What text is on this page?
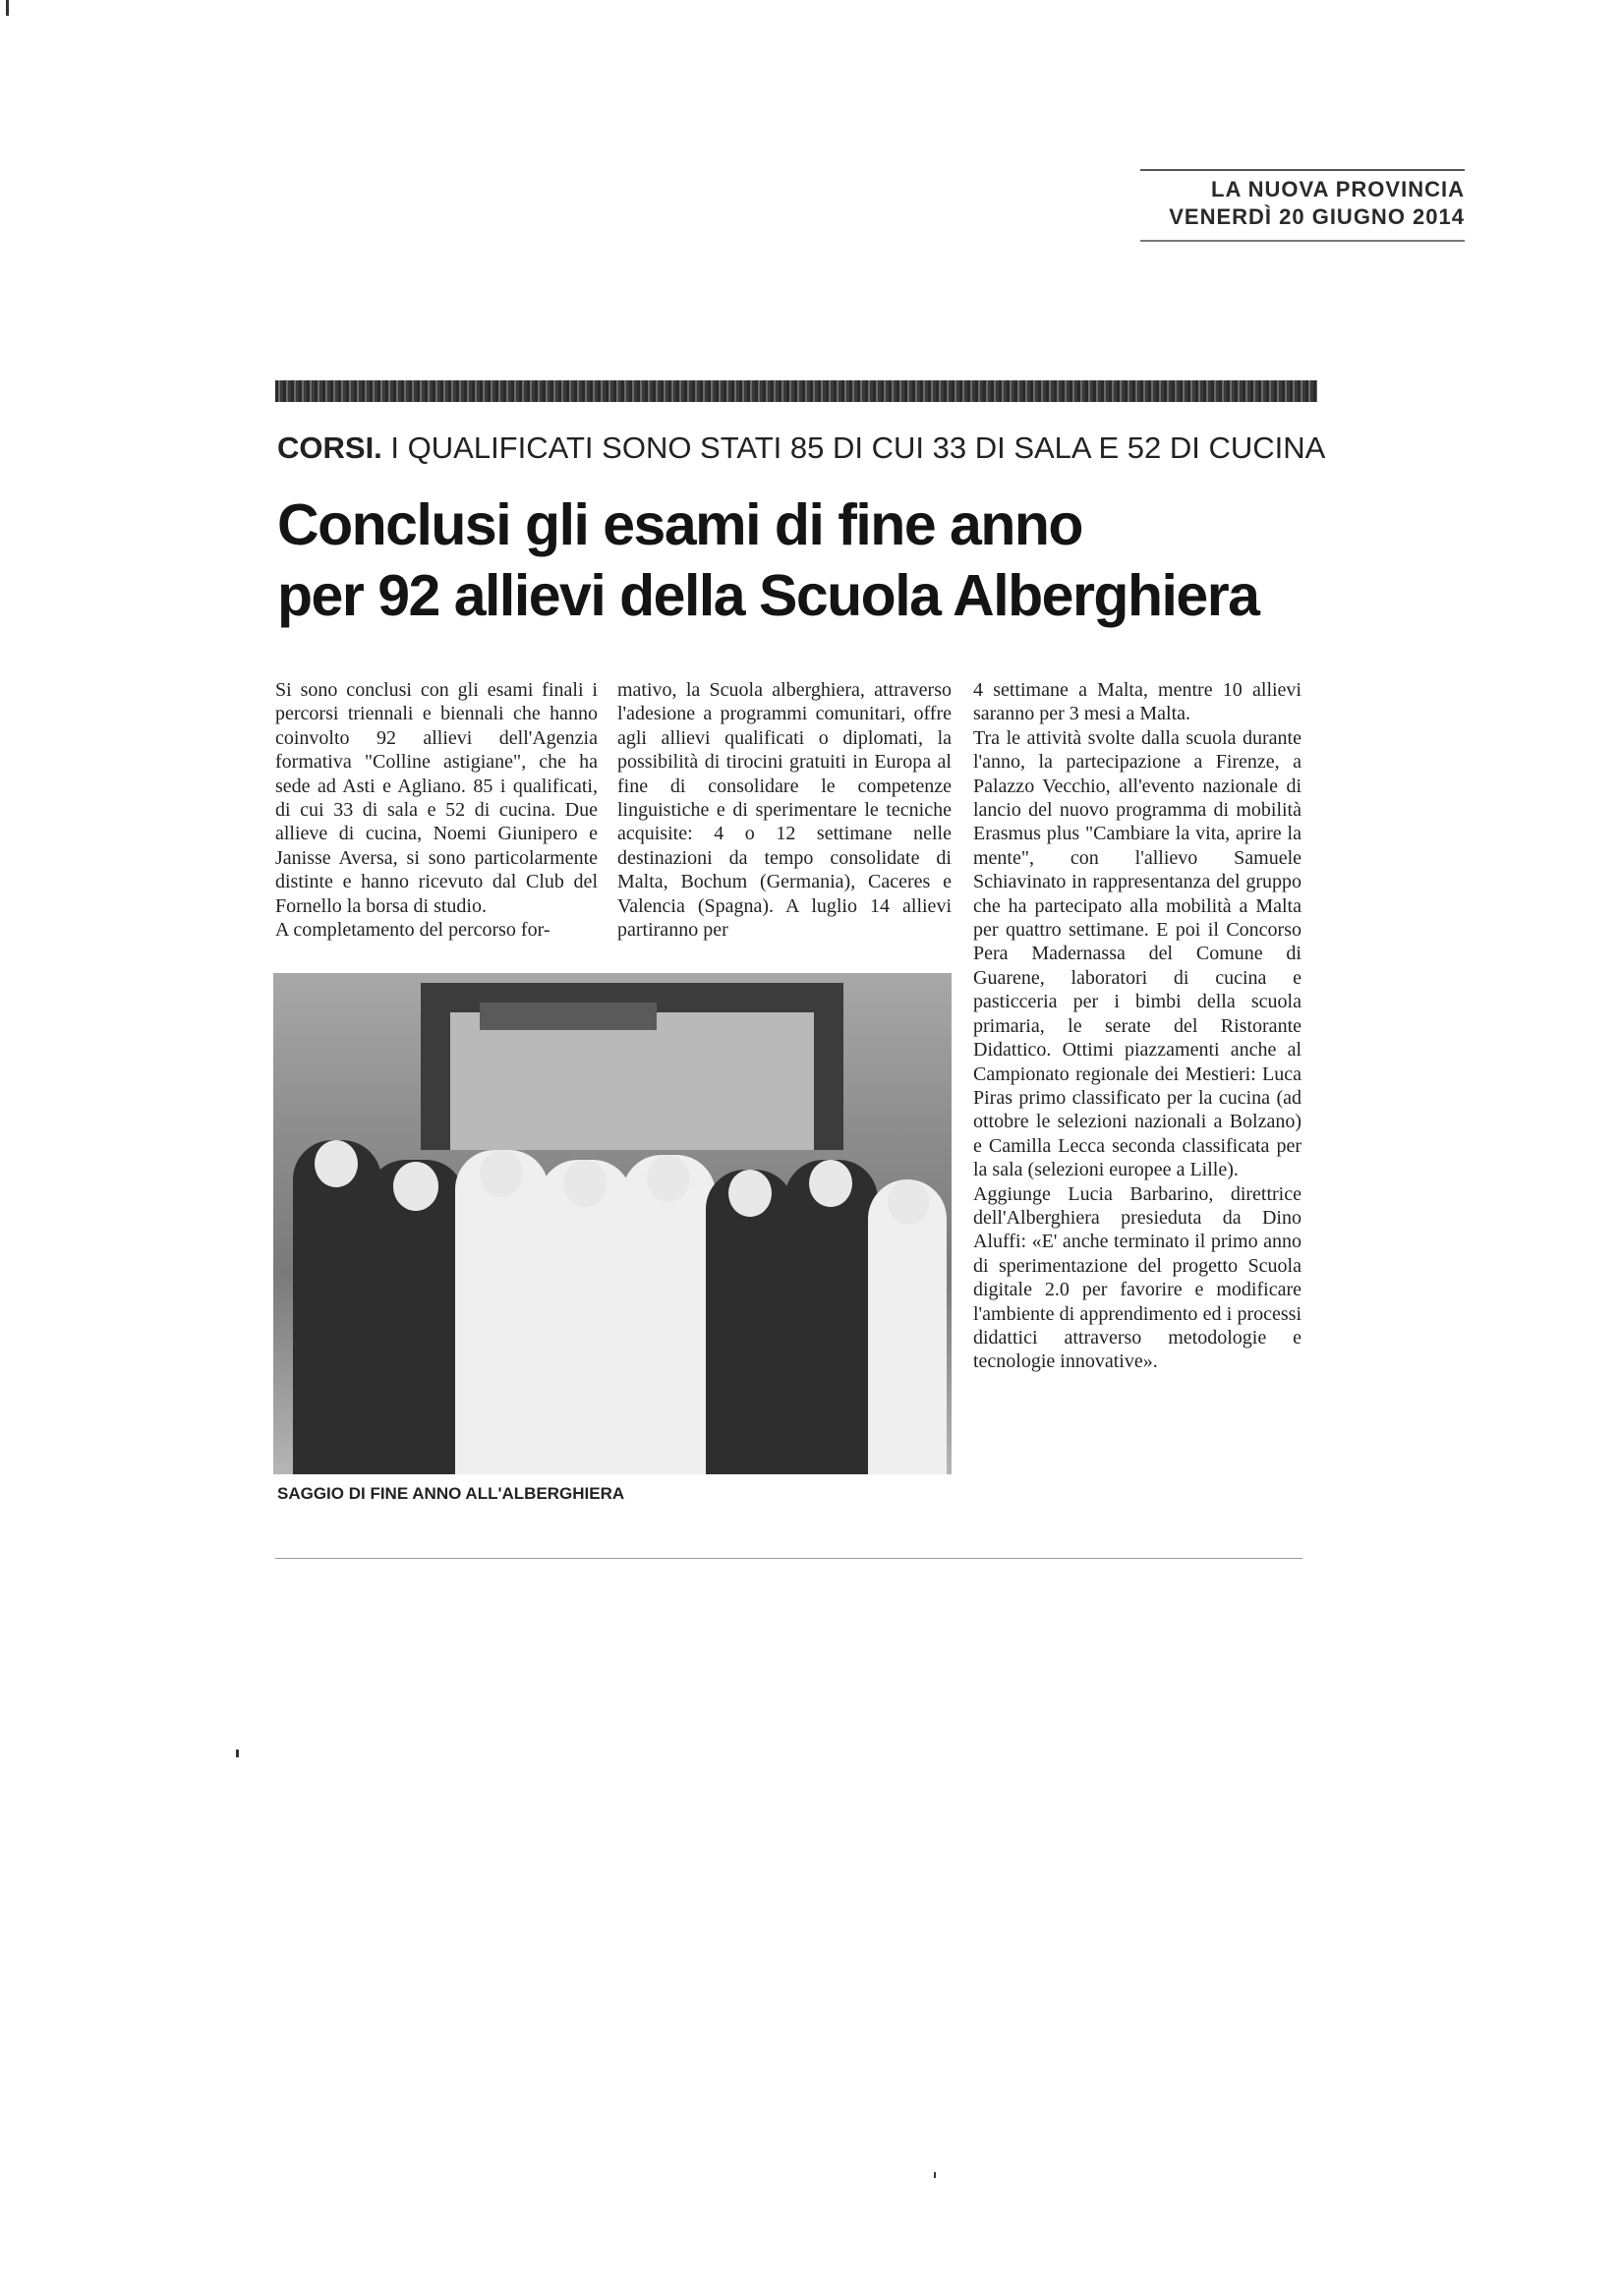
LA NUOVA PROVINCIA
VENERDÌ 20 GIUGNO 2014
CORSI. I QUALIFICATI SONO STATI 85 DI CUI 33 DI SALA E 52 DI CUCINA
Conclusi gli esami di fine anno
per 92 allievi della Scuola Alberghiera

Si sono conclusi con gli esami finali i percorsi triennali e biennali che hanno coinvolto 92 allievi dell'Agenzia formativa "Colline astigiane", che ha sede ad Asti e Agliano. 85 i qualificati, di cui 33 di sala e 52 di cucina. Due allieve di cucina, Noemi Giunipero e Janisse Aversa, si sono particolarmente distinte e hanno ricevuto dal Club del Fornello la borsa di studio.

A completamento del percorso for-

mativo, la Scuola alberghiera, attraverso l'adesione a programmi comunitari, offre agli allievi qualificati o diplomati, la possibilità di tirocini gratuiti in Europa al fine di consolidare le competenze linguistiche e di sperimentare le tecniche acquisite: 4 o 12 settimane nelle destinazioni da tempo consolidate di Malta, Bochum (Germania), Caceres e Valencia (Spagna). A luglio 14 allievi partiranno per

4 settimane a Malta, mentre 10 allievi saranno per 3 mesi a Malta.

Tra le attività svolte dalla scuola durante l'anno, la partecipazione a Firenze, a Palazzo Vecchio, all'evento nazionale di lancio del nuovo programma di mobilità Erasmus plus "Cambiare la vita, aprire la mente", con l'allievo Samuele Schiavinato in rappresentanza del gruppo che ha partecipato alla mobilità a Malta per quattro settimane. E poi il Concorso Pera Madernassa del Comune di Guarene, laboratori di cucina e pasticceria per i bimbi della scuola primaria, le serate del Ristorante Didattico. Ottimi piazzamenti anche al Campionato regionale dei Mestieri: Luca Piras primo classificato per la cucina (ad ottobre le selezioni nazionali a Bolzano) e Camilla Lecca seconda classificata per la sala (selezioni europee a Lille).

Aggiunge Lucia Barbarino, direttrice dell'Alberghiera presieduta da Dino Aluffi: «E' anche terminato il primo anno di sperimentazione del progetto Scuola digitale 2.0 per favorire e modificare l'ambiente di apprendimento ed i processi didattici attraverso metodologie e tecnologie innovative».

SAGGIO DI FINE ANNO ALL'ALBERGHIERA
